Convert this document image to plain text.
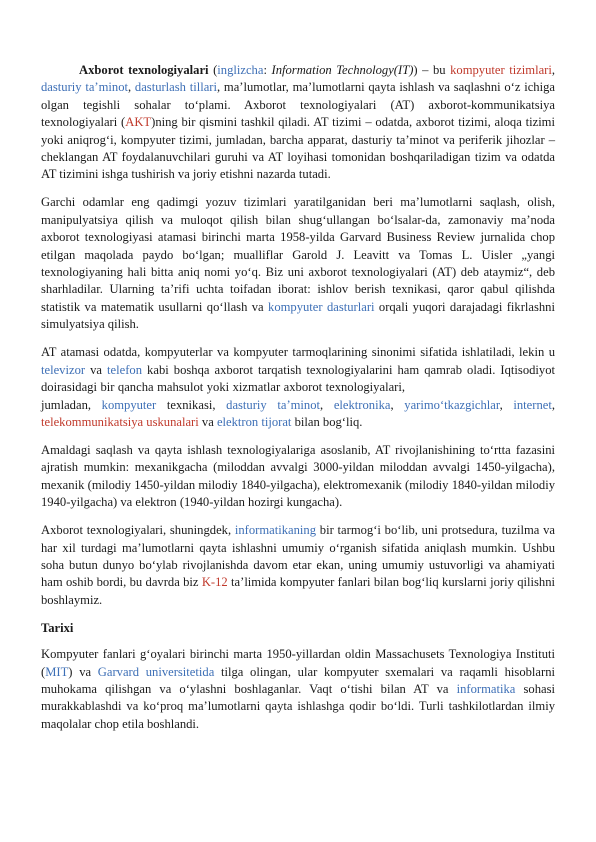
Axborot texnologiyalari (inglizcha: Information Technology(IT)) – bu kompyuter tizimlari, dasturiy ta’minot, dasturlash tillari, ma’lumotlar, ma’lumotlarni qayta ishlash va saqlashni o‘z ichiga olgan tegishli sohalar to‘plami. Axborot texnologiyalari (AT) axborot-kommunikatsiya texnologiyalari (AKT)ning bir qismini tashkil qiladi. AT tizimi – odatda, axborot tizimi, aloqa tizimi yoki aniqrog‘i, kompyuter tizimi, jumladan, barcha apparat, dasturiy ta’minot va periferik jihozlar – cheklangan AT foydalanuvchilari guruhi va AT loyihasi tomonidan boshqariladigan tizim va odatda AT tizimini ishga tushirish va joriy etishni nazarda tutadi.

Garchi odamlar eng qadimgi yozuv tizimlari yaratilganidan beri ma’lumotlarni saqlash, olish, manipulyatsiya qilish va muloqot qilish bilan shug‘ullangan bo‘lsalar-da, zamonaviy ma’noda axborot texnologiyasi atamasi birinchi marta 1958-yilda Garvard Business Review jurnalida chop etilgan maqolada paydo bo‘lgan; mualliflar Garold J. Leavitt va Tomas L. Uisler „yangi texnologiyaning hali bitta aniq nomi yo‘q. Biz uni axborot texnologiyalari (AT) deb ataymiz“, deb sharhladilar. Ularning ta’rifi uchta toifadan iborat: ishlov berish texnikasi, qaror qabul qilishda statistik va matematik usullarni qo‘llash va kompyuter dasturlari orqali yuqori darajadagi fikrlashni simulyatsiya qilish.

AT atamasi odatda, kompyuterlar va kompyuter tarmoqlarining sinonimi sifatida ishlatiladi, lekin u televizor va telefon kabi boshqa axborot tarqatish texnologiyalarini ham qamrab oladi. Iqtisodiyot doirasidagi bir qancha mahsulot yoki xizmatlar axborot texnologiyalari,jumladan, kompyuter texnikasi, dasturiy ta’minot, elektronika, yarimo‘tkazgichlar, internet, telekommunikatsiya uskunalari va elektron tijorat bilan bog‘liq.

Amaldagi saqlash va qayta ishlash texnologiyalariga asoslanib, AT rivojlanishining to‘rtta fazasini ajratish mumkin: mexanikgacha (miloddan avvalgi 3000-yildan miloddan avvalgi 1450-yilgacha), mexanik (milodiy 1450-yildan milodiy 1840-yilgacha), elektromexanik (milodiy 1840-yildan milodiy 1940-yilgacha) va elektron (1940-yildan hozirgi kungacha).

Axborot texnologiyalari, shuningdek, informatikaning bir tarmog‘i bo‘lib, uni protsedura, tuzilma va har xil turdagi ma’lumotlarni qayta ishlashni umumiy o‘rganish sifatida aniqlash mumkin. Ushbu soha butun dunyo bo‘ylab rivojlanishda davom etar ekan, uning umumiy ustuvorligi va ahamiyati ham oshib bordi, bu davrda biz K-12 ta’limida kompyuter fanlari bilan bog‘liq kurslarni joriy qilishni boshlaymiz.

Tarixi

Kompyuter fanlari g‘oyalari birinchi marta 1950-yillardan oldin Massachusets Texnologiya Instituti (MIT) va Garvard universitetida tilga olingan, ular kompyuter sxemalari va raqamli hisoblarni muhokama qilishgan va o‘ylashni boshlaganlar. Vaqt o‘tishi bilan AT va informatika sohasi murakkablashdi va ko‘proq ma’lumotlarni qayta ishlashga qodir bo‘ldi. Turli tashkilotlardan ilmiy maqolalar chop etila boshlandi.
